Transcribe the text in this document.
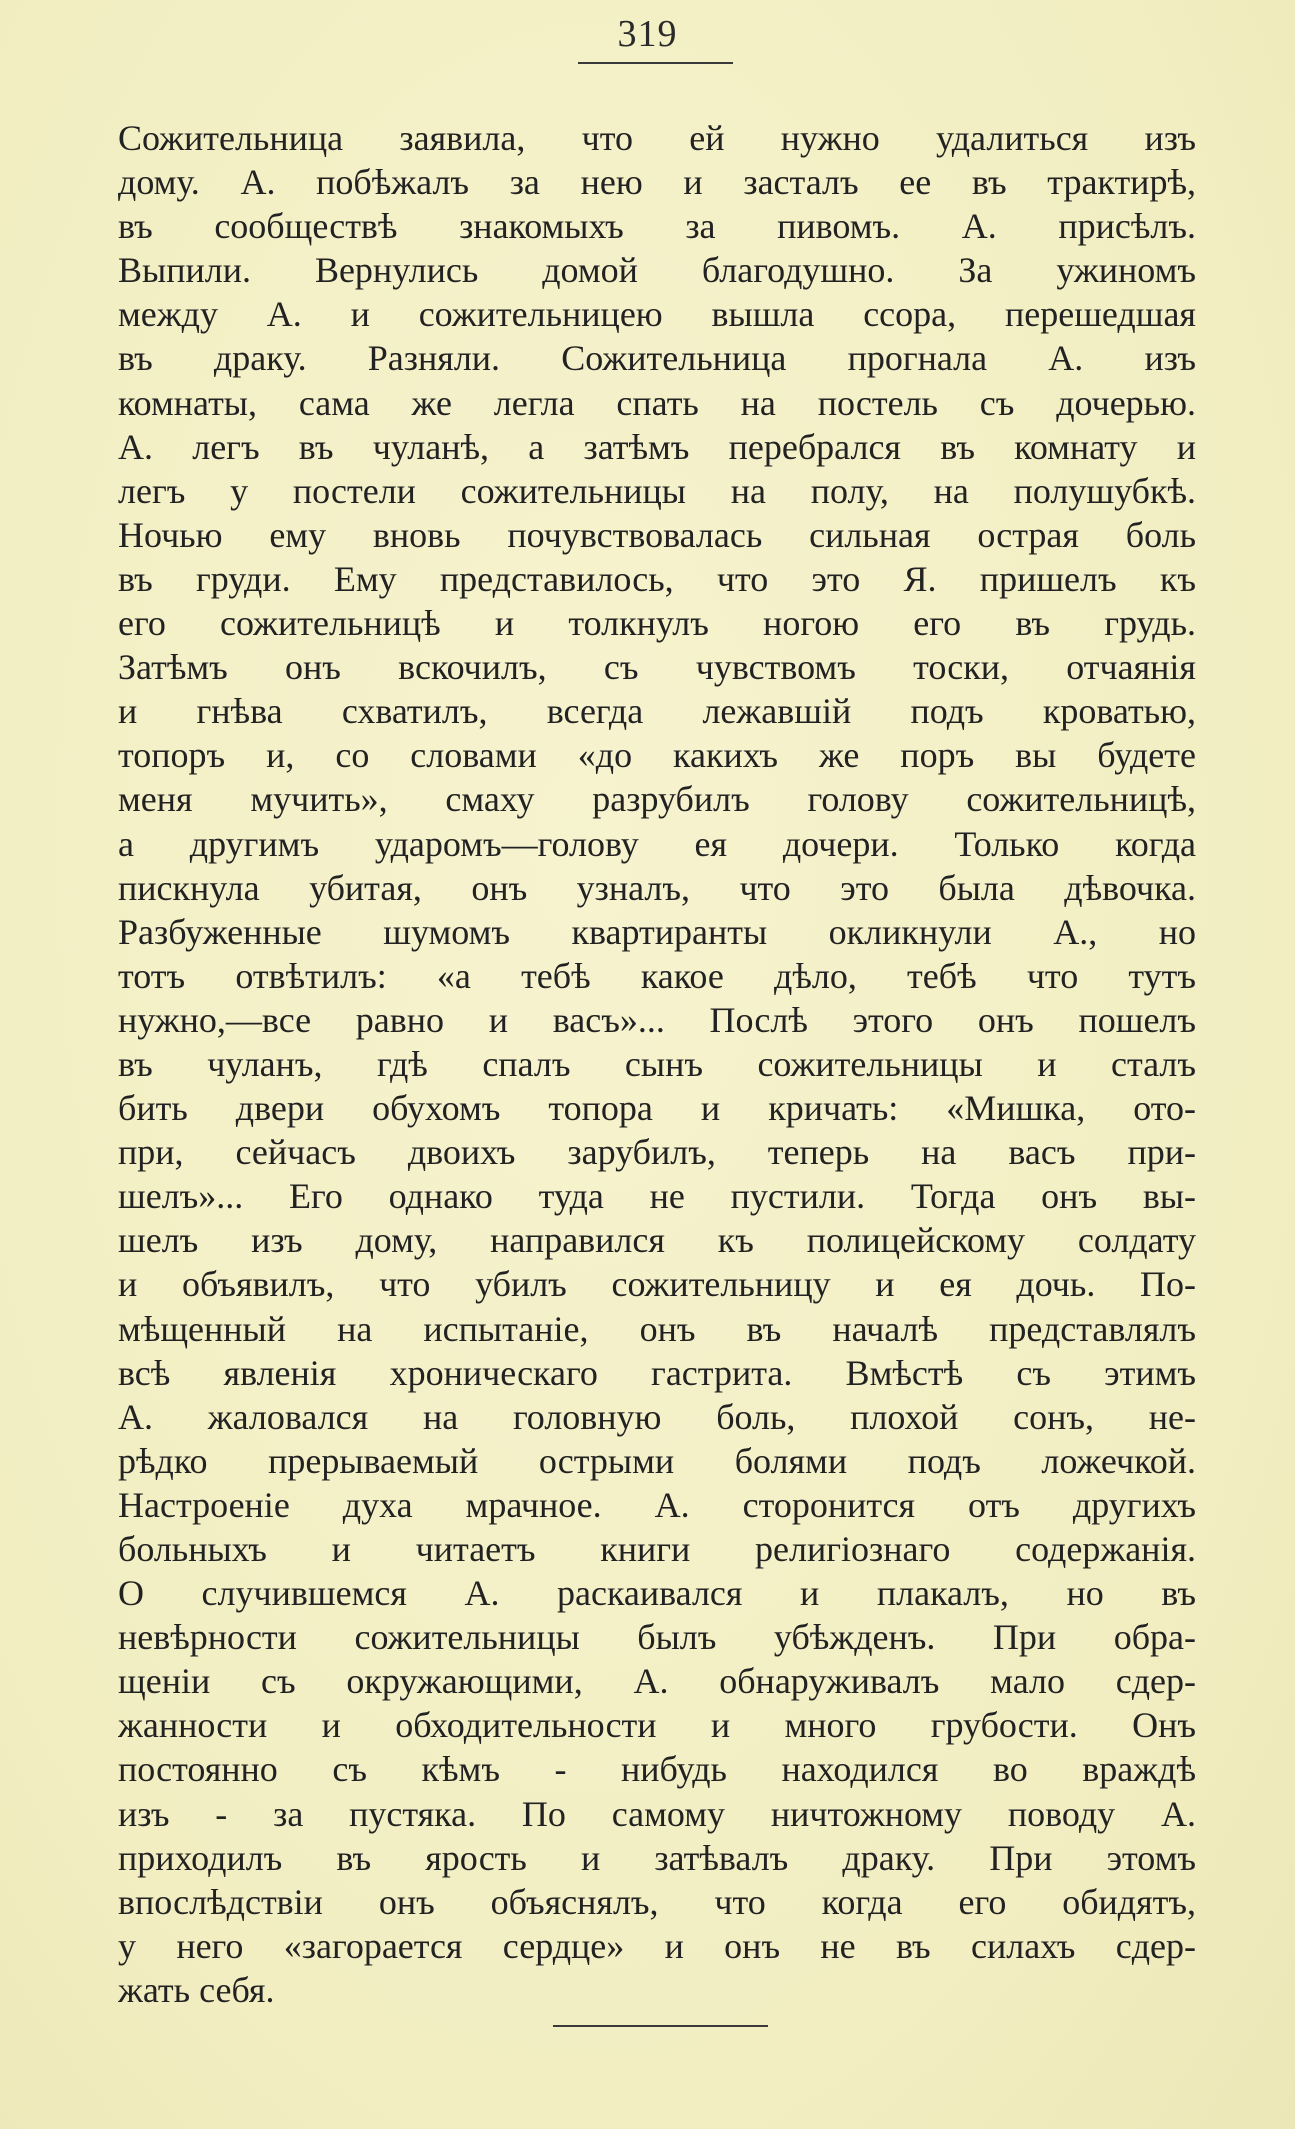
319
Сожительница заявила, что ей нужно удалиться изъ
дому. А. побѣжалъ за нею и засталъ ее въ трактирѣ,
въ сообществѣ знакомыхъ за пивомъ. А. присѣлъ.
Выпили. Вернулись домой благодушно. За ужиномъ
между А. и сожительницею вышла ссора, перешедшая
въ драку. Разняли. Сожительница прогнала А. изъ
комнаты, сама же легла спать на постель съ дочерью.
А. легъ въ чуланѣ, а затѣмъ перебрался въ комнату и
легъ у постели сожительницы на полу, на полушубкѣ.
Ночью ему вновь почувствовалась сильная острая боль
въ груди. Ему представилось, что это Я. пришелъ къ
его сожительницѣ и толкнулъ ногою его въ грудь.
Затѣмъ онъ вскочилъ, съ чувствомъ тоски, отчаянія
и гнѣва схватилъ, всегда лежавшій подъ кроватью,
топоръ и, со словами «до какихъ же поръ вы будете
меня мучить», смаху разрубилъ голову сожительницѣ,
а другимъ ударомъ—голову ея дочери. Только когда
пискнула убитая, онъ узналъ, что это была дѣвочка.
Разбуженные шумомъ квартиранты окликнули А., но
тотъ отвѣтилъ: «а тебѣ какое дѣло, тебѣ что тутъ
нужно,—все равно и васъ»... Послѣ этого онъ пошелъ
въ чуланъ, гдѣ спалъ сынъ сожительницы и сталъ
бить двери обухомъ топора и кричать: «Мишка, ото-
при, сейчасъ двоихъ зарубилъ, теперь на васъ при-
шелъ»... Его однако туда не пустили. Тогда онъ вы-
шелъ изъ дому, направился къ полицейскому солдату
и объявилъ, что убилъ сожительницу и ея дочь. По-
мѣщенный на испытаніе, онъ въ началѣ представлялъ
всѣ явленія хроническаго гастрита. Вмѣстѣ съ этимъ
А. жаловался на головную боль, плохой сонъ, не-
рѣдко прерываемый острыми болями подъ ложечкой.
Настроеніе духа мрачное. А. сторонится отъ другихъ
больныхъ и читаетъ книги религіознаго содержанія.
О случившемся А. раскаивался и плакалъ, но въ
невѣрности сожительницы былъ убѣжденъ. При обра-
щеніи съ окружающими, А. обнаруживалъ мало сдер-
жанности и обходительности и много грубости. Онъ
постоянно съ кѣмъ - нибудь находился во враждѣ
изъ - за пустяка. По самому ничтожному поводу А.
приходилъ въ ярость и затѣвалъ драку. При этомъ
впослѣдствіи онъ объяснялъ, что когда его обидятъ,
у него «загорается сердце» и онъ не въ силахъ сдер-
жать себя.
